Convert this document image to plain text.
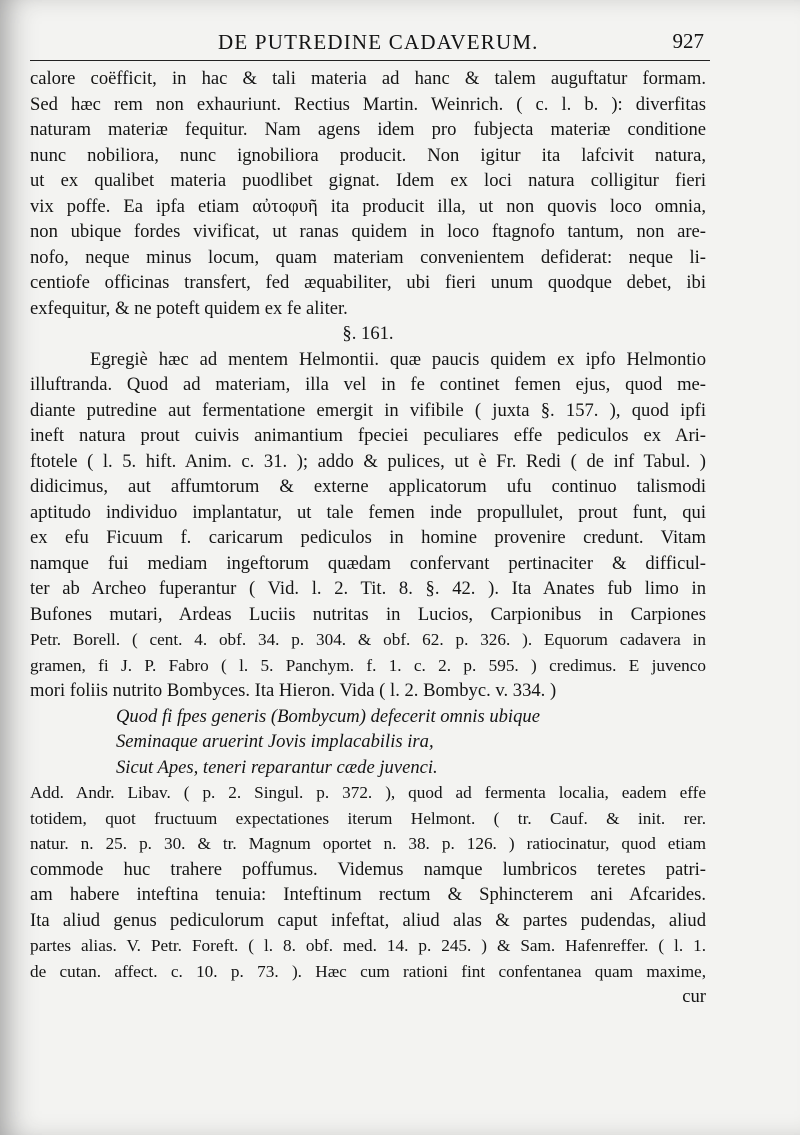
DE PUTREDINE CADAVERUM.	927
calore coëfficit, in hac & tali materia ad hanc & talem auguftatur formam.
Sed hæc rem non exhauriunt. Rectius Martin. Weinrich. ( c. l. b. ): diverfitas
naturam materiæ fequitur. Nam agens idem pro fubjecta materiæ conditione
nunc nobiliora, nunc ignobiliora producit. Non igitur ita lafcivit natura,
ut ex qualibet materia puodlibet gignat. Idem ex loci natura colligitur fieri
vix poffe. Ea ipfa etiam αὐτοφυῆ ita producit illa, ut non quovis loco omnia,
non ubique fordes vivificat, ut ranas quidem in loco ftagnofo tantum, non are-
nofo, neque minus locum, quam materiam convenientem defiderat: neque li-
centiofe officinas transfert, fed æquabiliter, ubi fieri unum quodque debet, ibi
exfequitur, & ne poteft quidem ex fe aliter.
§. 161.
Egregiè hæc ad mentem Helmontii. quæ paucis quidem ex ipfo Helmontio
illuftranda. Quod ad materiam, illa vel in fe continet femen ejus, quod me-
diante putredine aut fermentatione emergit in vifibile ( juxta §. 157. ), quod ipfi
ineft natura prout cuivis animantium fpeciei peculiares effe pediculos ex Ari-
ftotele ( l. 5. hift. Anim. c. 31. ); addo & pulices, ut è Fr. Redi ( de inf Tabul. )
didicimus, aut affumtorum & externe applicatorum ufu continuo talismodi
aptitudo individuo implantatur, ut tale femen inde propullulet, prout funt, qui
ex efu Ficuum f. caricarum pediculos in homine provenire credunt. Vitam
namque fui mediam ingeftorum quædam confervant pertinaciter & difficul-
ter ab Archeo fuperantur ( Vid. l. 2. Tit. 8. §. 42. ). Ita Anates fub limo in
Bufones mutari, Ardeas Luciis nutritas in Lucios, Carpionibus in Carpiones
Petr. Borell. ( cent. 4. obf. 34. p. 304. & obf. 62. p. 326. ). Equorum cadavera in
gramen, fi J. P. Fabro ( l. 5. Panchym. f. 1. c. 2. p. 595. ) credimus. E juvenco
mori foliis nutrito Bombyces. Ita Hieron. Vida ( l. 2. Bombyc. v. 334. )
Quod fi fpes generis (Bombycum) defecerit omnis ubique
Seminaque aruerint Jovis implacabilis ira,
Sicut Apes, teneri reparantur cæde juvenci.
Add. Andr. Libav. ( p. 2. Singul. p. 372. ), quod ad fermenta localia, eadem effe
totidem, quot fructuum expectationes iterum Helmont. ( tr. Cauf. & init. rer.
natur. n. 25. p. 30. & tr. Magnum oportet n. 38. p. 126. ) ratiocinatur, quod etiam
commode huc trahere poffumus. Videmus namque lumbricos teretes patri-
am habere inteftina tenuia: Inteftinum rectum & Sphincterem ani Afcarides.
Ita aliud genus pediculorum caput infeftat, aliud alas & partes pudendas, aliud
partes alias. V. Petr. Foreft. ( l. 8. obf. med. 14. p. 245. ) & Sam. Hafenreffer. ( l. 1.
de cutan. affect. c. 10. p. 73. ). Hæc cum rationi fint confentanea quam maxime,
cur
